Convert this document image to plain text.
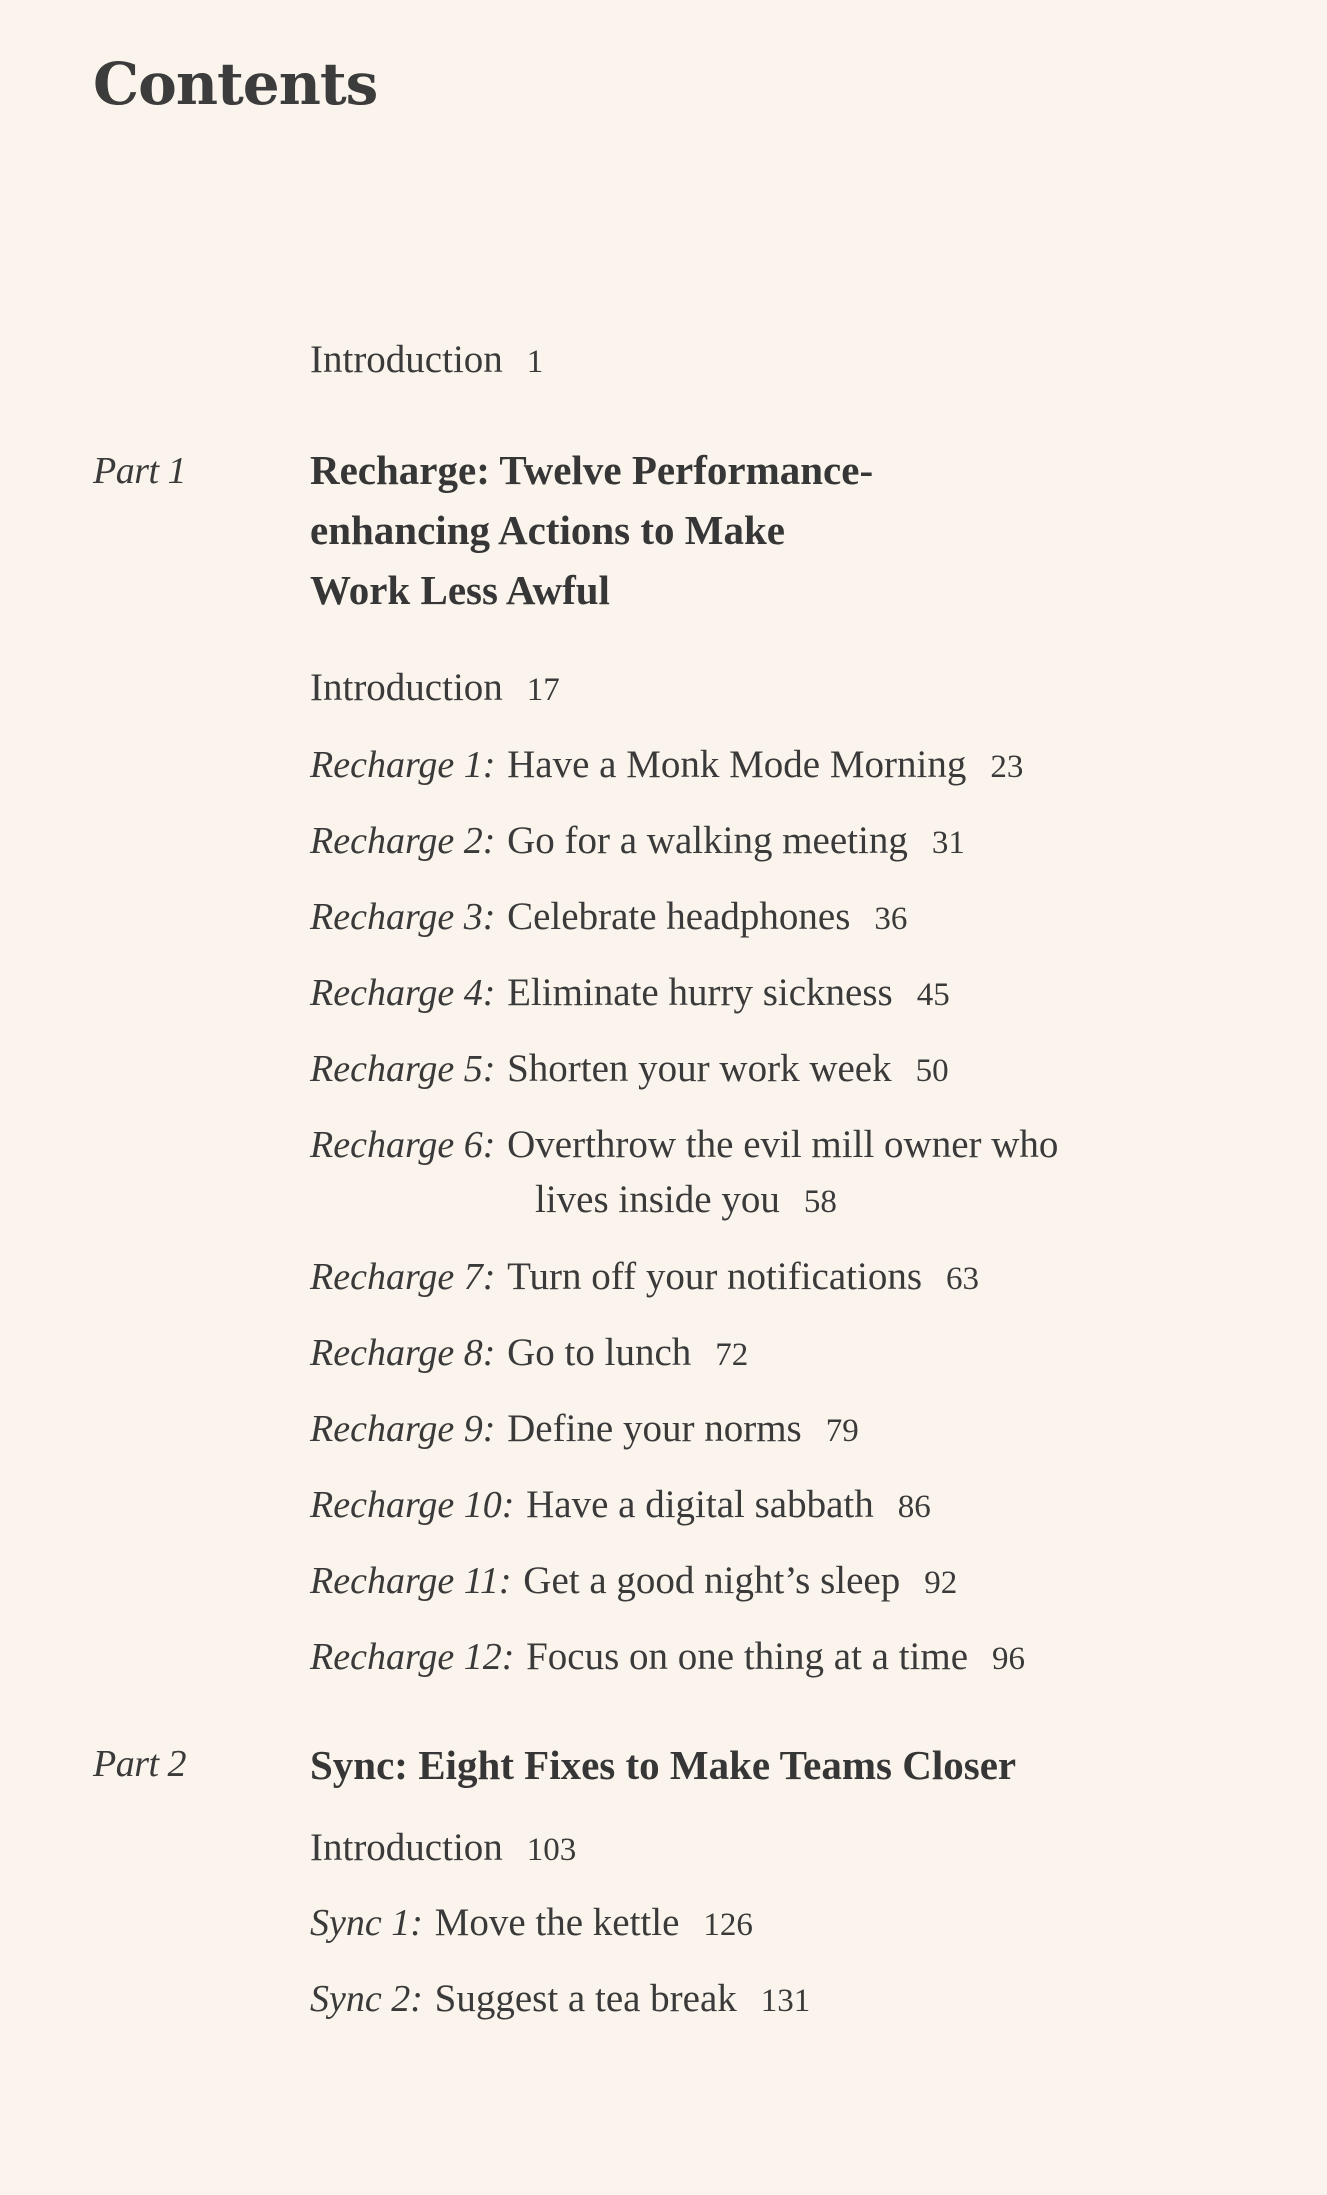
Contents
Introduction 1
Part 1	Recharge: Twelve Performance-
enhancing Actions to Make
Work Less Awful
Introduction 17
Recharge 1: Have a Monk Mode Morning 23
Recharge 2: Go for a walking meeting 31
Recharge 3: Celebrate headphones 36
Recharge 4: Eliminate hurry sickness 45
Recharge 5: Shorten your work week 50
Recharge 6: Overthrow the evil mill owner who
lives inside you 58
Recharge 7: Turn off your notifications 63
Recharge 8: Go to lunch 72
Recharge 9: Define your norms 79
Recharge 10: Have a digital sabbath 86
Recharge 11: Get a good night’s sleep 92
Recharge 12: Focus on one thing at a time 96
Part 2	Sync: Eight Fixes to Make Teams Closer
Introduction 103
Sync 1: Move the kettle 126
Sync 2: Suggest a tea break 131
